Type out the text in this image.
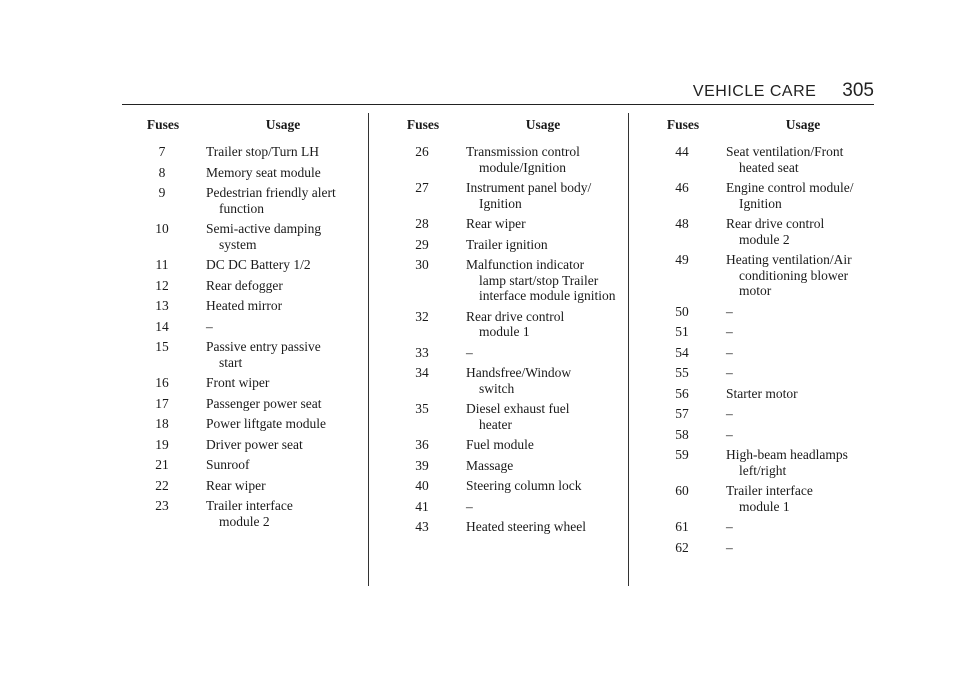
VEHICLE CARE 305
Fuses	Usage
7	Trailer stop/Turn LH
8	Memory seat module
9	Pedestrian friendly alert
function
10	Semi-active damping
system
11	DC DC Battery 1/2
12	Rear defogger
13	Heated mirror
14	–
15	Passive entry passive
start
16	Front wiper
17	Passenger power seat
18	Power liftgate module
19	Driver power seat
21	Sunroof
22	Rear wiper
23	Trailer interface
module 2
Fuses	Usage
26	Transmission control
module/Ignition
27	Instrument panel body/
Ignition
28	Rear wiper
29	Trailer ignition
30	Malfunction indicator
lamp start/stop Trailer
interface module ignition
32	Rear drive control
module 1
33	–
34	Handsfree/Window
switch
35	Diesel exhaust fuel
heater
36	Fuel module
39	Massage
40	Steering column lock
41	–
43	Heated steering wheel
Fuses	Usage
44	Seat ventilation/Front
heated seat
46	Engine control module/
Ignition
48	Rear drive control
module 2
49	Heating ventilation/Air
conditioning blower
motor
50	–
51	–
54	–
55	–
56	Starter motor
57	–
58	–
59	High-beam headlamps
left/right
60	Trailer interface
module 1
61	–
62	–
